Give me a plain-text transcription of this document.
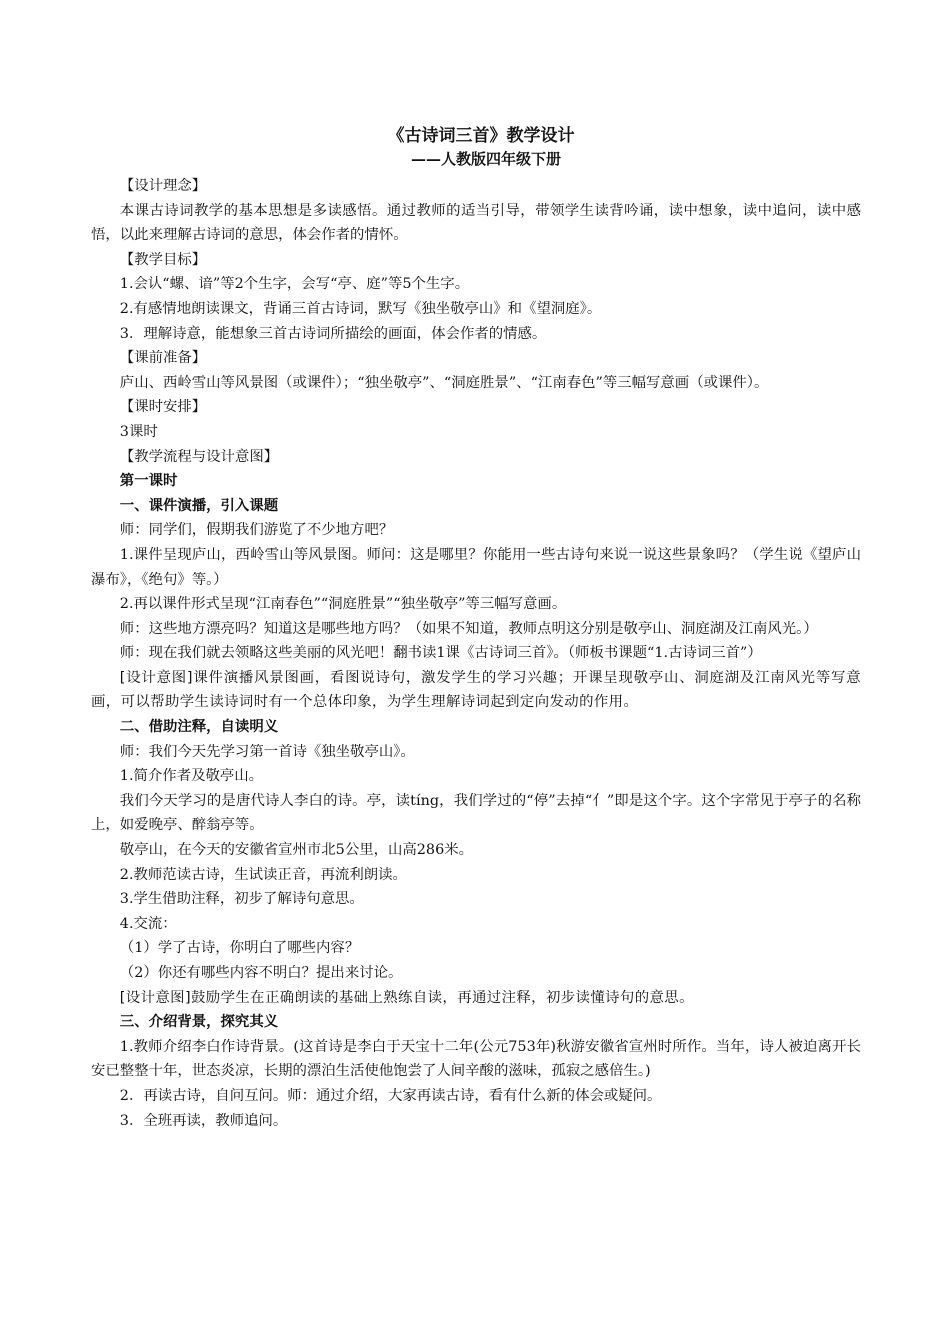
《古诗词三首》教学设计
——人教版四年级下册

【设计理念】

本课古诗词教学的基本思想是多读感悟。通过教师的适当引导，带领学生读背吟诵，读中想象，读中追问，读中感悟，以此来理解古诗词的意思，体会作者的情怀。

【教学目标】

1.会认“螺、谙”等2个生字，会写“亭、庭”等5个生字。

2.有感情地朗读课文，背诵三首古诗词，默写《独坐敬亭山》和《望洞庭》。

3．理解诗意，能想象三首古诗词所描绘的画面，体会作者的情感。

【课前准备】

庐山、西岭雪山等风景图（或课件）；“独坐敬亭”、“洞庭胜景”、“江南春色”等三幅写意画（或课件）。

【课时安排】

3课时

【教学流程与设计意图】

第一课时

一、课件演播，引入课题

师：同学们，假期我们游览了不少地方吧？

1.课件呈现庐山，西岭雪山等风景图。师问：这是哪里？你能用一些古诗句来说一说这些景象吗？（学生说《望庐山瀑布》，《绝句》等。）

2.再以课件形式呈现“江南春色”“洞庭胜景”“独坐敬亭”等三幅写意画。

师：这些地方漂亮吗？知道这是哪些地方吗？（如果不知道，教师点明这分别是敬亭山、洞庭湖及江南风光。）

师：现在我们就去领略这些美丽的风光吧！翻书读1课《古诗词三首》。（师板书课题“1.古诗词三首”）

[设计意图]课件演播风景图画，看图说诗句，激发学生的学习兴趣；开课呈现敬亭山、洞庭湖及江南风光等写意画，可以帮助学生读诗词时有一个总体印象，为学生理解诗词起到定向发动的作用。

二、借助注释，自读明义

师：我们今天先学习第一首诗《独坐敬亭山》。

1.简介作者及敬亭山。

我们今天学习的是唐代诗人李白的诗。亭，读tíng，我们学过的“停”去掉“亻”即是这个字。这个字常见于亭子的名称上，如爱晚亭、醉翁亭等。

敬亭山，在今天的安徽省宣州市北5公里，山高286米。

2.教师范读古诗，生试读正音，再流利朗读。

3.学生借助注释，初步了解诗句意思。

4.交流：

（1）学了古诗，你明白了哪些内容？

（2）你还有哪些内容不明白？提出来讨论。

[设计意图]鼓励学生在正确朗读的基础上熟练自读，再通过注释，初步读懂诗句的意思。

三、介绍背景，探究其义

1.教师介绍李白作诗背景。(这首诗是李白于天宝十二年(公元753年)秋游安徽省宣州时所作。当年，诗人被迫离开长安已整整十年，世态炎凉，长期的漂泊生活使他饱尝了人间辛酸的滋味，孤寂之感倍生。)

2．再读古诗，自问互问。师：通过介绍，大家再读古诗，看有什么新的体会或疑问。

3．全班再读，教师追问。
